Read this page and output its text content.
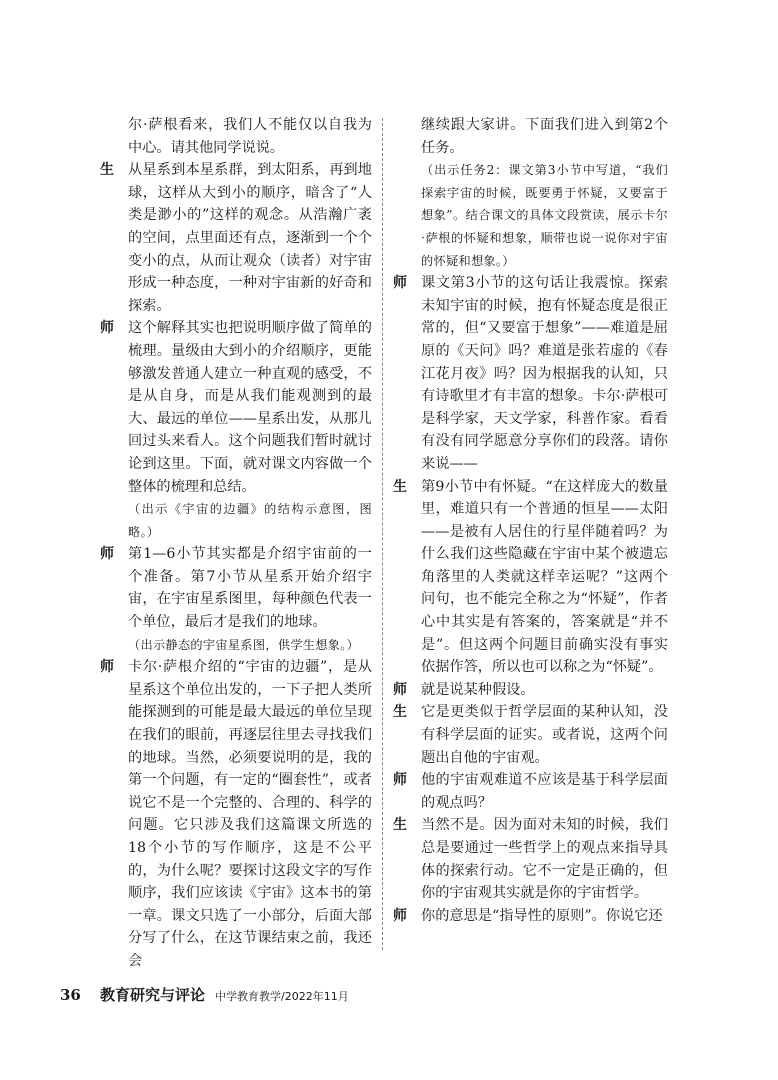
尔·萨根看来，我们人不能仅以自我为中心。请其他同学说说。
生 从星系到本星系群，到太阳系，再到地球，这样从大到小的顺序，暗含了“人类是渺小的”这样的观念。从浩瀚广袤的空间，点里面还有点，逐渐到一个个变小的点，从而让观众（读者）对宇宙形成一种态度，一种对宇宙新的好奇和探索。
师 这个解释其实也把说明顺序做了简单的梳理。量级由大到小的介绍顺序，更能够激发普通人建立一种直观的感受，不是从自身，而是从我们能观测到的最大、最远的单位——星系出发，从那儿回过头来看人。这个问题我们暂时就讨论到这里。下面，就对课文内容做一个整体的梳理和总结。
（出示《宇宙的边疆》的结构示意图，图略。）
师 第1—6小节其实都是介绍宇宙前的一个准备。第7小节从星系开始介绍宇宙，在宇宙星系图里，每种颜色代表一个单位，最后才是我们的地球。
（出示静态的宇宙星系图，供学生想象。）
师 卡尔·萨根介绍的“宇宙的边疆”，是从星系这个单位出发的，一下子把人类所能探测到的可能是最大最远的单位呈现在我们的眼前，再逐层往里去寻找我们的地球。当然，必须要说明的是，我的第一个问题，有一定的“圈套性”，或者说它不是一个完整的、合理的、科学的问题。它只涉及我们这篇课文所选的18个小节的写作顺序，这是不公平的，为什么呢？要探讨这段文字的写作顺序，我们应该读《宇宙》这本书的第一章。课文只选了一小部分，后面大部分写了什么，在这节课结束之前，我还会
继续跟大家讲。下面我们进入到第2个任务。
（出示任务2：课文第3小节中写道，“我们探索宇宙的时候，既要勇于怀疑，又要富于想象”。结合课文的具体文段赏读，展示卡尔·萨根的怀疑和想象，顺带也说一说你对宇宙的怀疑和想象。）
师 课文第3小节的这句话让我震惊。探索未知宇宙的时候，抱有怀疑态度是很正常的，但“又要富于想象”——难道是屈原的《天问》吗？难道是张若虚的《春江花月夜》吗？因为根据我的认知，只有诗歌里才有丰富的想象。卡尔·萨根可是科学家，天文学家，科普作家。看看有没有同学愿意分享你们的段落。请你来说——
生 第9小节中有怀疑。“在这样庞大的数量里，难道只有一个普通的恒星——太阳——是被有人居住的行星伴随着吗？为什么我们这些隐藏在宇宙中某个被遗忘角落里的人类就这样幸运呢？”这两个问句，也不能完全称之为“怀疑”，作者心中其实是有答案的，答案就是“并不是”。但这两个问题目前确实没有事实依据作答，所以也可以称之为“怀疑”。
师 就是说某种假设。
生 它是更类似于哲学层面的某种认知，没有科学层面的证实。或者说，这两个问题出自他的宇宙观。
师 他的宇宙观难道不应该是基于科学层面的观点吗？
生 当然不是。因为面对未知的时候，我们总是要通过一些哲学上的观点来指导具体的探索行动。它不一定是正确的，但你的宇宙观其实就是你的宇宙哲学。
师 你的意思是“指导性的原则”。你说它还
36	教育研究与评论 中学教育教学/2022年11月
